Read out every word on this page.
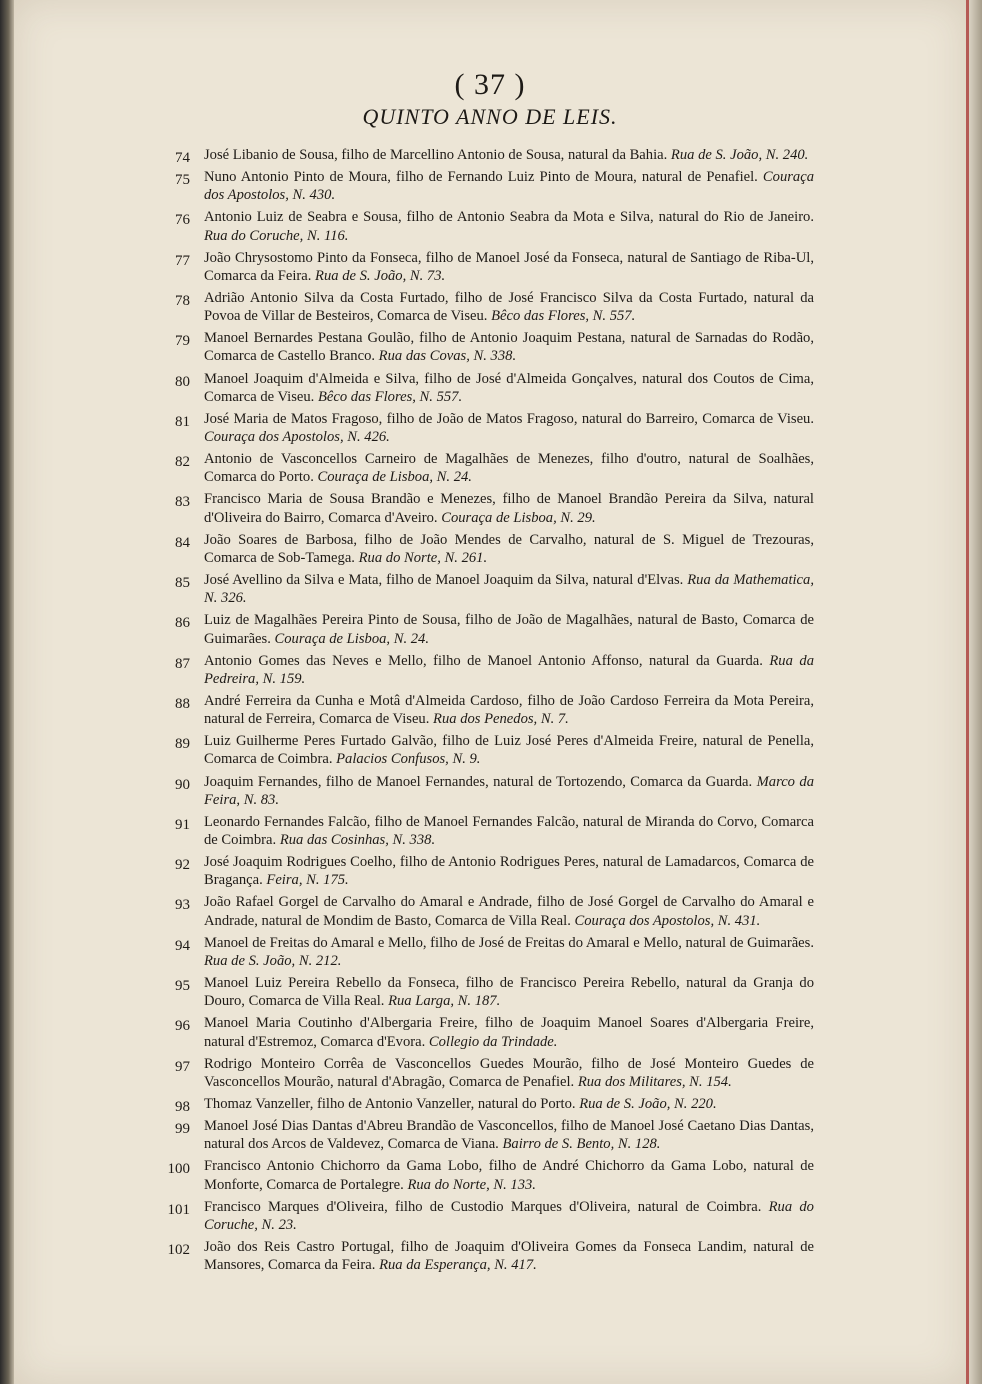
( 37 )
QUINTO ANNO DE LEIS.
74 José Libanio de Sousa, filho de Marcellino Antonio de Sousa, natural da Bahia. Rua de S. João, N. 240.
75 Nuno Antonio Pinto de Moura, filho de Fernando Luiz Pinto de Moura, natural de Penafiel. Couraça dos Apostolos, N. 430.
76 Antonio Luiz de Seabra e Sousa, filho de Antonio Seabra da Mota e Silva, natural do Rio de Janeiro. Rua do Coruche, N. 116.
77 João Chrysostomo Pinto da Fonseca, filho de Manoel José da Fonseca, natural de Santiago de Riba-Ul, Comarca da Feira. Rua de S. João, N. 73.
78 Adrião Antonio Silva da Costa Furtado, filho de José Francisco Silva da Costa Furtado, natural da Povoa de Villar de Besteiros, Comarca de Viseu. Bêco das Flores, N. 557.
79 Manoel Bernardes Pestana Goulão, filho de Antonio Joaquim Pestana, natural de Sarnadas do Rodão, Comarca de Castello Branco. Rua das Covas, N. 338.
80 Manoel Joaquim d'Almeida e Silva, filho de José d'Almeida Gonçalves, natural dos Coutos de Cima, Comarca de Viseu. Bêco das Flores, N. 557.
81 José Maria de Matos Fragoso, filho de João de Matos Fragoso, natural do Barreiro, Comarca de Viseu. Couraça dos Apostolos, N. 426.
82 Antonio de Vasconcellos Carneiro de Magalhães de Menezes, filho d'outro, natural de Soalhães, Comarca do Porto. Couraça de Lisboa, N. 24.
83 Francisco Maria de Sousa Brandão e Menezes, filho de Manoel Brandão Pereira da Silva, natural d'Oliveira do Bairro, Comarca d'Aveiro. Couraça de Lisboa, N. 29.
84 João Soares de Barbosa, filho de João Mendes de Carvalho, natural de S. Miguel de Trezouras, Comarca de Sob-Tamega. Rua do Norte, N. 261.
85 José Avellino da Silva e Mata, filho de Manoel Joaquim da Silva, natural d'Elvas. Rua da Mathematica, N. 326.
86 Luiz de Magalhães Pereira Pinto de Sousa, filho de João de Magalhães, natural de Basto, Comarca de Guimarães. Couraça de Lisboa, N. 24.
87 Antonio Gomes das Neves e Mello, filho de Manoel Antonio Affonso, natural da Guarda. Rua da Pedreira, N. 159.
88 André Ferreira da Cunha e Motâ d'Almeida Cardoso, filho de João Cardoso Ferreira da Mota Pereira, natural de Ferreira, Comarca de Viseu. Rua dos Penedos, N. 7.
89 Luiz Guilherme Peres Furtado Galvão, filho de Luiz José Peres d'Almeida Freire, natural de Penella, Comarca de Coimbra. Palacios Confusos, N. 9.
90 Joaquim Fernandes, filho de Manoel Fernandes, natural de Tortozendo, Comarca da Guarda. Marco da Feira, N. 83.
91 Leonardo Fernandes Falcão, filho de Manoel Fernandes Falcão, natural de Miranda do Corvo, Comarca de Coimbra. Rua das Cosinhas, N. 338.
92 José Joaquim Rodrigues Coelho, filho de Antonio Rodrigues Peres, natural de Lamadarcos, Comarca de Bragança. Feira, N. 175.
93 João Rafael Gorgel de Carvalho do Amaral e Andrade, filho de José Gorgel de Carvalho do Amaral e Andrade, natural de Mondim de Basto, Comarca de Villa Real. Couraça dos Apostolos, N. 431.
94 Manoel de Freitas do Amaral e Mello, filho de José de Freitas do Amaral e Mello, natural de Guimarães. Rua de S. João, N. 212.
95 Manoel Luiz Pereira Rebello da Fonseca, filho de Francisco Pereira Rebello, natural da Granja do Douro, Comarca de Villa Real. Rua Larga, N. 187.
96 Manoel Maria Coutinho d'Albergaria Freire, filho de Joaquim Manoel Soares d'Albergaria Freire, natural d'Estremoz, Comarca d'Evora. Collegio da Trindade.
97 Rodrigo Monteiro Corrêa de Vasconcellos Guedes Mourão, filho de José Monteiro Guedes de Vasconcellos Mourão, natural d'Abragão, Comarca de Penafiel. Rua dos Militares, N. 154.
98 Thomaz Vanzeller, filho de Antonio Vanzeller, natural do Porto. Rua de S. João, N. 220.
99 Manoel José Dias Dantas d'Abreu Brandão de Vasconcellos, filho de Manoel José Caetano Dias Dantas, natural dos Arcos de Valdevez, Comarca de Viana. Bairro de S. Bento, N. 128.
100 Francisco Antonio Chichorro da Gama Lobo, filho de André Chichorro da Gama Lobo, natural de Monforte, Comarca de Portalegre. Rua do Norte, N. 133.
101 Francisco Marques d'Oliveira, filho de Custodio Marques d'Oliveira, natural de Coimbra. Rua do Coruche, N. 23.
102 João dos Reis Castro Portugal, filho de Joaquim d'Oliveira Gomes da Fonseca Landim, natural de Mansores, Comarca da Feira. Rua da Esperança, N. 417.
